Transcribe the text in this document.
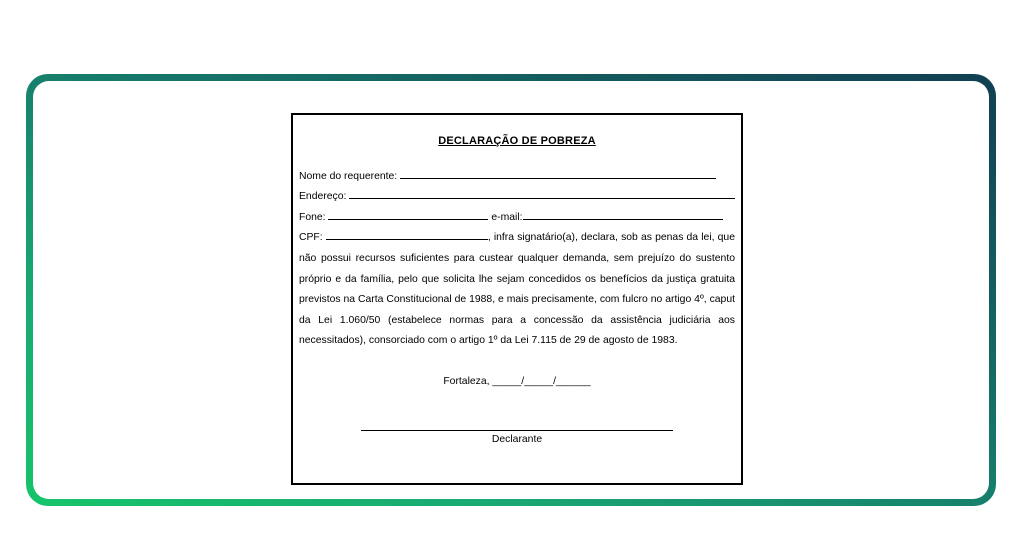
DECLARAÇÃO DE POBREZA
Nome do requerente:
Endereço:
Fone:	e-mail:
CPF:	, infra signatário(a), declara, sob as penas da lei, que não possui recursos suficientes para custear qualquer demanda, sem prejuízo do sustento próprio e da família, pelo que solicita lhe sejam concedidos os benefícios da justiça gratuita previstos na Carta Constitucional de 1988, e mais precisamente, com fulcro no artigo 4º, caput da Lei 1.060/50 (estabelece normas para a concessão da assistência judiciária aos necessitados), consorciado com o artigo 1º da Lei 7.115 de 29 de agosto de 1983.
Fortaleza, _____/_____/______
Declarante
